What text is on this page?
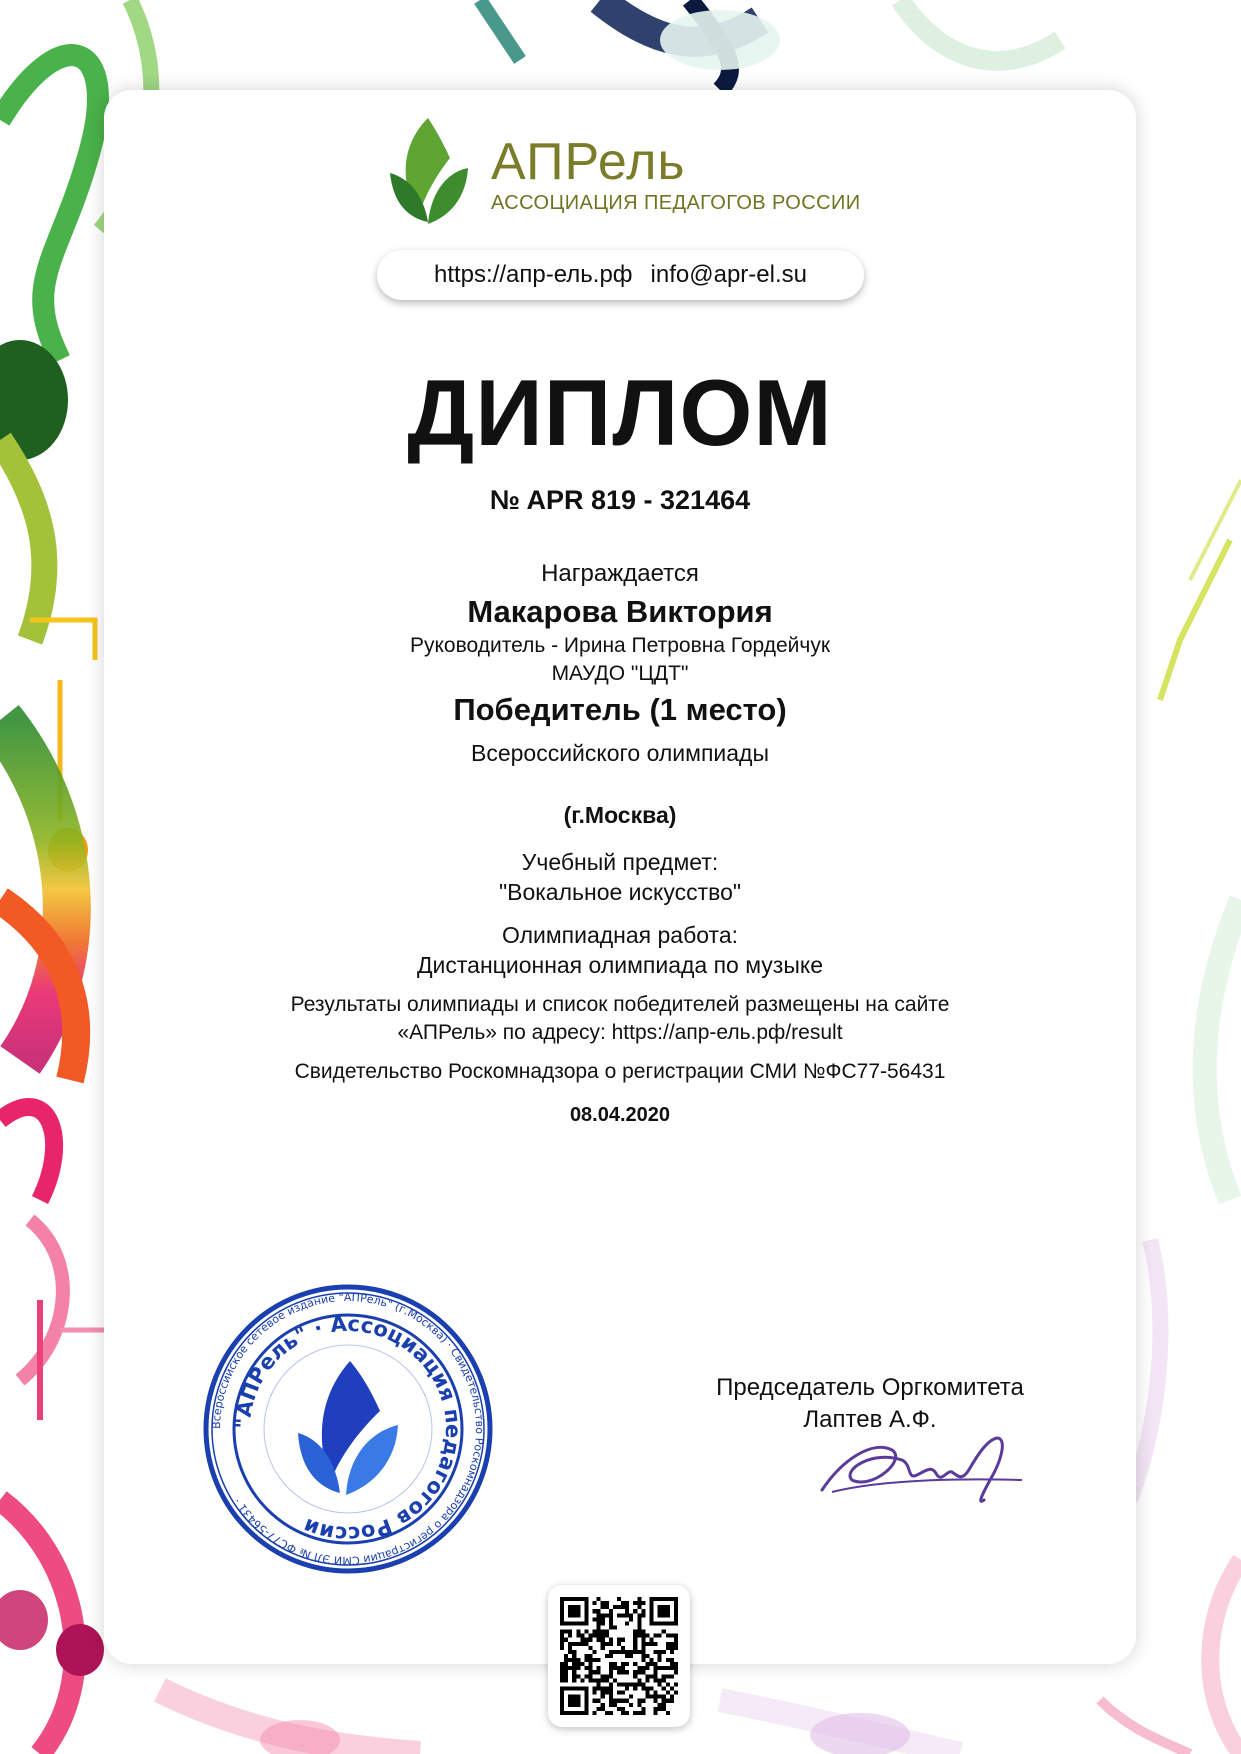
АПРель
АССОЦИАЦИЯ ПЕДАГОГОВ РОССИИ
https://апр-ель.рф info@apr-el.su
ДИПЛОМ
№ APR 819 - 321464
Награждается
Макарова Виктория
Руководитель - Ирина Петровна Гордейчук
МАУДО "ЦДТ"
Победитель (1 место)
Всероссийского олимпиады
(г.Москва)
Учебный предмет:
"Вокальное искусство"
Олимпиадная работа:
Дистанционная олимпиада по музыке
Результаты олимпиады и список победителей размещены на сайте
«АПРель» по адресу: https://апр-ель.рф/result
Свидетельство Роскомнадзора о регистрации СМИ №ФС77-56431
08.04.2020
Председатель Оргкомитета
Лаптев А.Ф.
Всероссийское сетевое издание "АПРель" (г.Москва) · Свидетельство Роскомнадзора о регистрации СМИ ЭЛ № ФС77-56431 ·
"АПРель" · Ассоциация педагогов России
